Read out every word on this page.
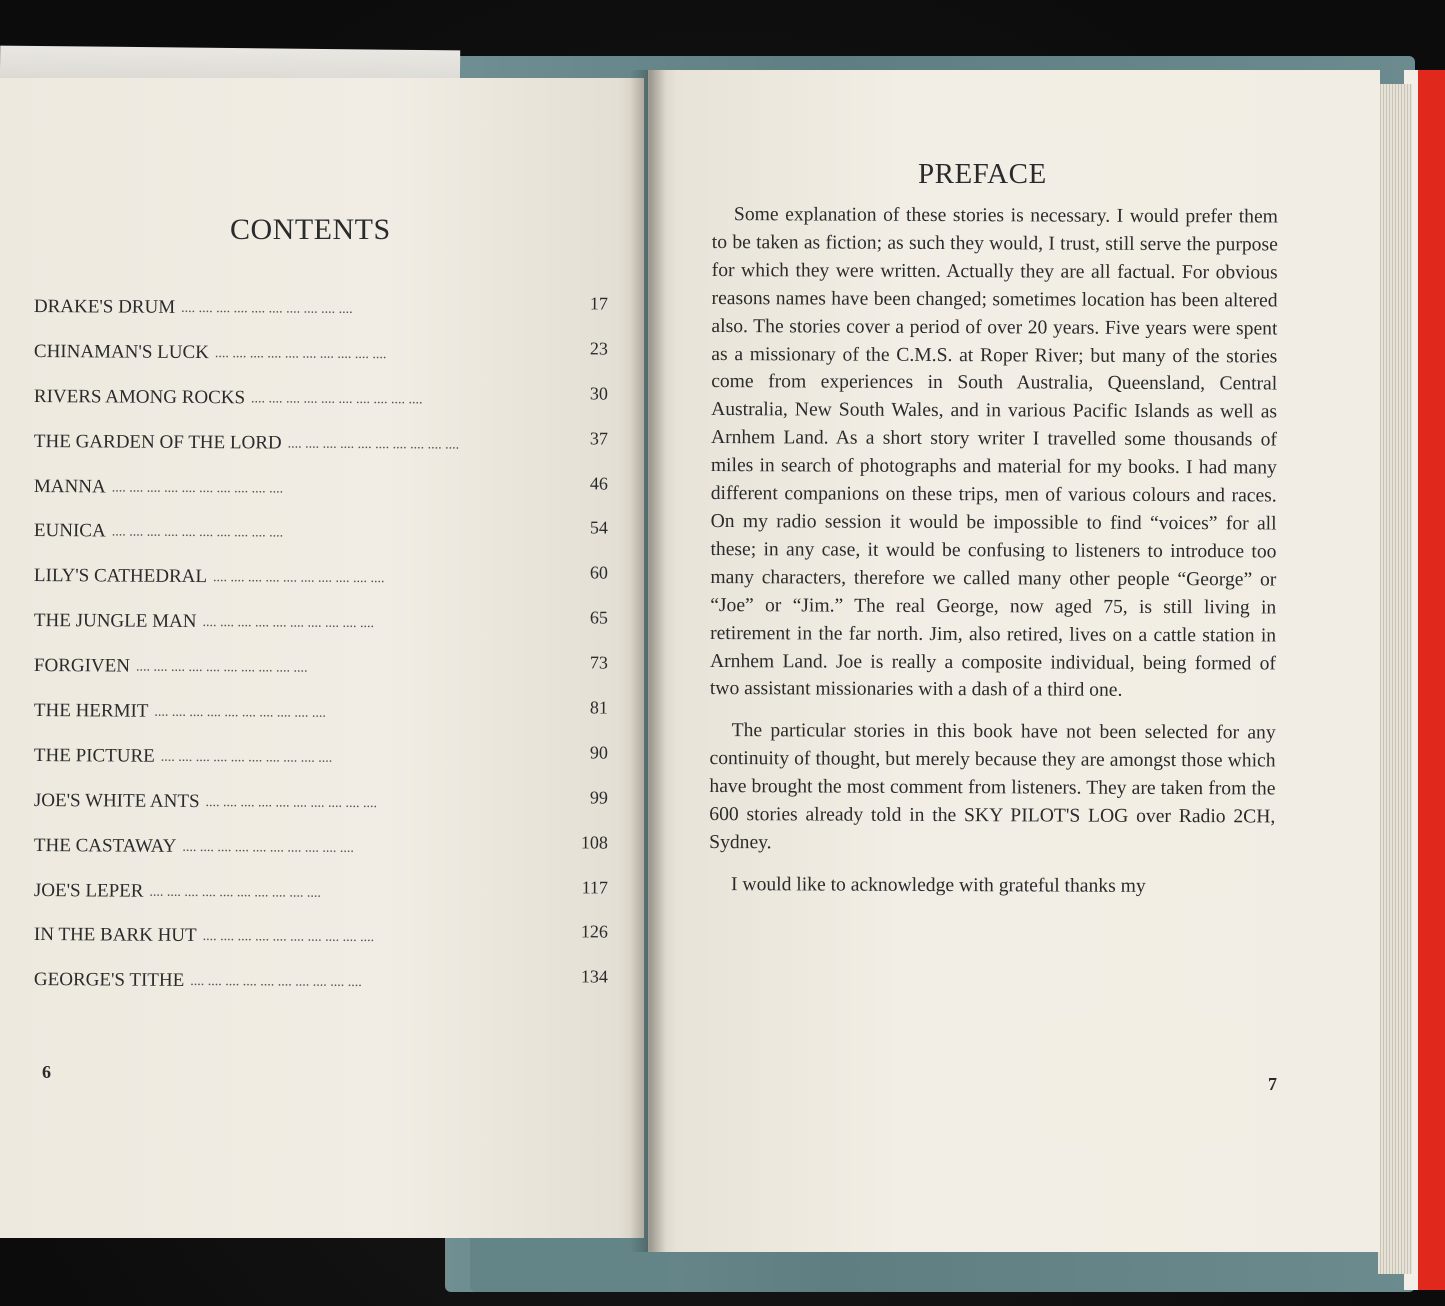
CONTENTS
DRAKE'S DRUM .... .... .... .... .... .... .... .... .... ....	17
CHINAMAN'S LUCK .... .... .... .... .... .... .... .... .... ....	23
RIVERS AMONG ROCKS .... .... .... .... .... .... .... .... .... ....	30
THE GARDEN OF THE LORD .... .... .... .... .... .... .... .... .... ....	37
MANNA .... .... .... .... .... .... .... .... .... ....	46
EUNICA .... .... .... .... .... .... .... .... .... ....	54
LILY'S CATHEDRAL .... .... .... .... .... .... .... .... .... ....	60
THE JUNGLE MAN .... .... .... .... .... .... .... .... .... ....	65
FORGIVEN .... .... .... .... .... .... .... .... .... ....	73
THE HERMIT .... .... .... .... .... .... .... .... .... ....	81
THE PICTURE .... .... .... .... .... .... .... .... .... ....	90
JOE'S WHITE ANTS .... .... .... .... .... .... .... .... .... ....	99
THE CASTAWAY .... .... .... .... .... .... .... .... .... ....	108
JOE'S LEPER .... .... .... .... .... .... .... .... .... ....	117
IN THE BARK HUT .... .... .... .... .... .... .... .... .... ....	126
GEORGE'S TITHE .... .... .... .... .... .... .... .... .... ....	134
6
PREFACE

Some explanation of these stories is necessary. I would prefer them to be taken as fiction; as such they would, I trust, still serve the purpose for which they were written. Actually they are all factual. For obvious reasons names have been changed; sometimes location has been altered also. The stories cover a period of over 20 years. Five years were spent as a missionary of the C.M.S. at Roper River; but many of the stories come from experiences in South Australia, Queensland, Central Australia, New South Wales, and in various Pacific Islands as well as Arnhem Land. As a short story writer I travelled some thousands of miles in search of photographs and material for my books. I had many different companions on these trips, men of various colours and races. On my radio session it would be impossible to find “voices” for all these; in any case, it would be confusing to listeners to introduce too many characters, therefore we called many other people “George” or “Joe” or “Jim.” The real George, now aged 75, is still living in retirement in the far north. Jim, also retired, lives on a cattle station in Arnhem Land. Joe is really a composite individual, being formed of two assistant missionaries with a dash of a third one.

The particular stories in this book have not been selected for any continuity of thought, but merely because they are amongst those which have brought the most comment from listeners. They are taken from the 600 stories already told in the SKY PILOT'S LOG over Radio 2CH, Sydney.

I would like to acknowledge with grateful thanks my

7
